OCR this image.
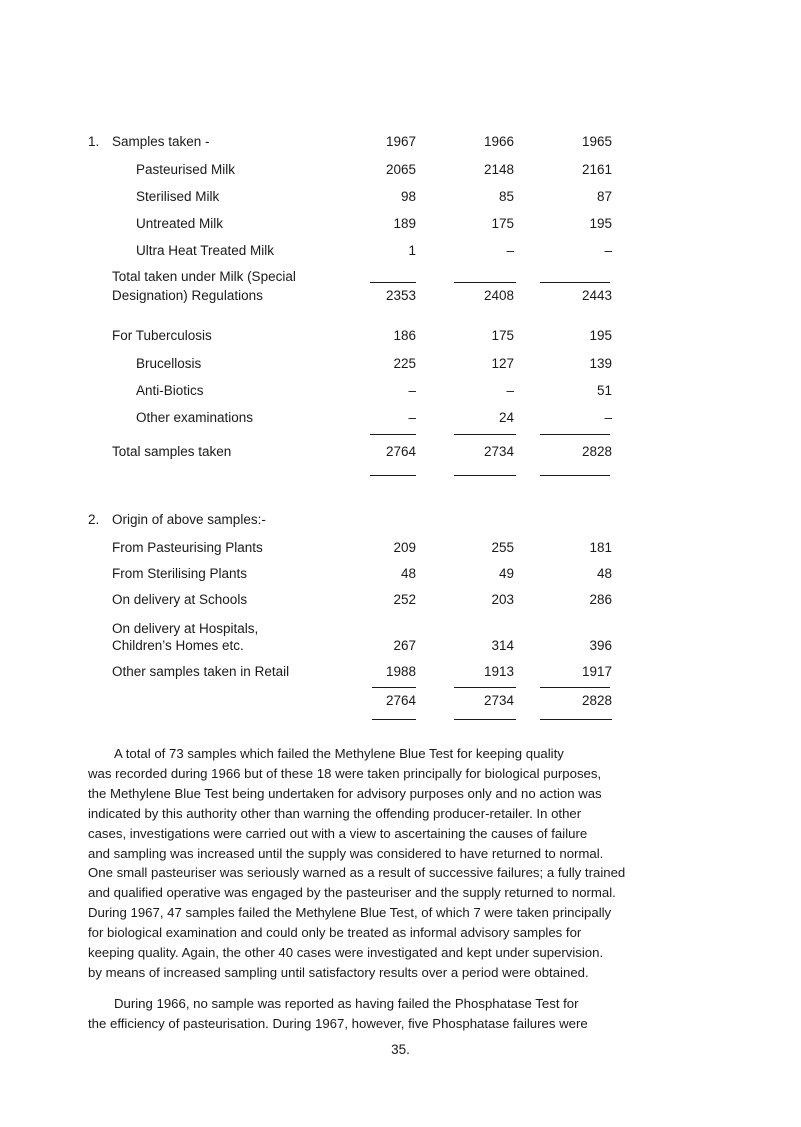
1. Samples taken -	1967	1966	1965
Pasteurised Milk	2065	2148	2161
Sterilised Milk	98	85	87
Untreated Milk	189	175	195
Ultra Heat Treated Milk	1	–	–
Total taken under Milk (Special
Designation) Regulations	2353	2408	2443
For Tuberculosis	186	175	195
Brucellosis	225	127	139
Anti-Biotics	–	–	51
Other examinations	–	24	–
Total samples taken	2764	2734	2828
2. Origin of above samples:-
From Pasteurising Plants	209	255	181
From Sterilising Plants	48	49	48
On delivery at Schools	252	203	286
On delivery at Hospitals,
Children’s Homes etc.	267	314	396
Other samples taken in Retail	1988	1913	1917
2764	2734	2828

A total of 73 samples which failed the Methylene Blue Test for keeping quality

was recorded during 1966 but of these 18 were taken principally for biological purposes,

the Methylene Blue Test being undertaken for advisory purposes only and no action was

indicated by this authority other than warning the offending producer-retailer. In other

cases, investigations were carried out with a view to ascertaining the causes of failure

and sampling was increased until the supply was considered to have returned to normal.

One small pasteuriser was seriously warned as a result of successive failures; a fully trained

and qualified operative was engaged by the pasteuriser and the supply returned to normal.

During 1967, 47 samples failed the Methylene Blue Test, of which 7 were taken principally

for biological examination and could only be treated as informal advisory samples for

keeping quality. Again, the other 40 cases were investigated and kept under supervision.

by means of increased sampling until satisfactory results over a period were obtained.

During 1966, no sample was reported as having failed the Phosphatase Test for

the efficiency of pasteurisation. During 1967, however, five Phosphatase failures were

35.
